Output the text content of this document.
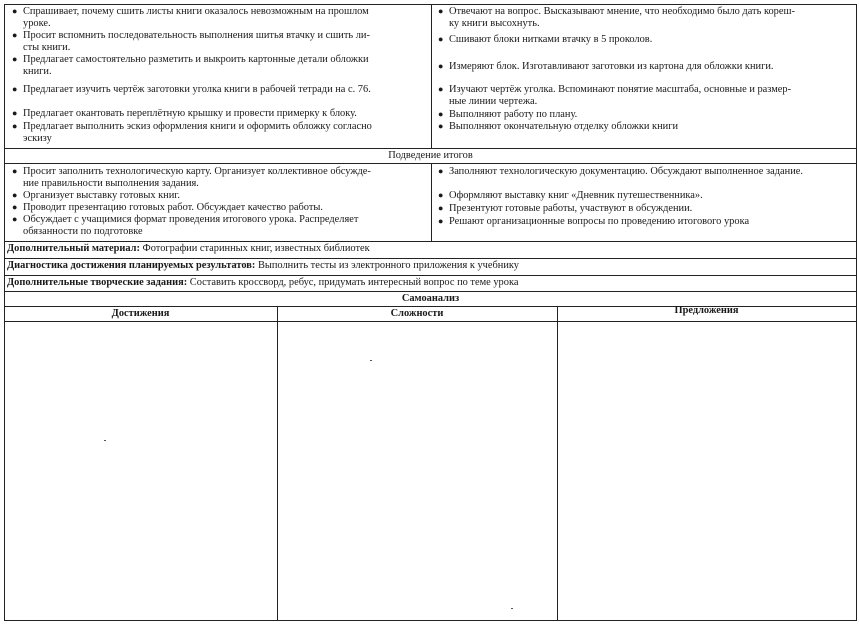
● Спрашивает, почему сшить листы книги оказалось невозможным на прошлом
уроке.
● Просит вспомнить последовательность выполнения шитья втачку и сшить ли-
сты книги.
● Предлагает самостоятельно разметить и выкроить картонные детали обложки
книги.
● Предлагает изучить чертёж заготовки уголка книги в рабочей тетради на с. 76.
● Предлагает окантовать переплётную крышку и провести примерку к блоку.
● Предлагает выполнить эскиз оформления книги и оформить обложку согласно
эскизу
● Отвечают на вопрос. Высказывают мнение, что необходимо было дать кореш-
ку книги высохнуть.
● Сшивают блоки нитками втачку в 5 проколов.
● Измеряют блок. Изготавливают заготовки из картона для обложки книги.
● Изучают чертёж уголка. Вспоминают понятие масштаба, основные и размер-
ные линии чертежа.
● Выполняют работу по плану.
● Выполняют окончательную отделку обложки книги
Подведение итогов
● Просит заполнить технологическую карту. Организует коллективное обсужде-
ние правильности выполнения задания.
● Организует выставку готовых книг.
● Проводит презентацию готовых работ. Обсуждает качество работы.
● Обсуждает с учащимися формат проведения итогового урока. Распределяет
обязанности по подготовке
● Заполняют технологическую документацию. Обсуждают выполненное задание.
● Оформляют выставку книг «Дневник путешественника».
● Презентуют готовые работы, участвуют в обсуждении.
● Решают организационные вопросы по проведению итогового урока
Дополнительный материал: Фотографии старинных книг, известных библиотек
Диагностика достижения планируемых результатов: Выполнить тесты из электронного приложения к учебнику
Дополнительные творческие задания: Составить кроссворд, ребус, придумать интересный вопрос по теме урока
Самоанализ
Достижения	Сложности	Предложения
